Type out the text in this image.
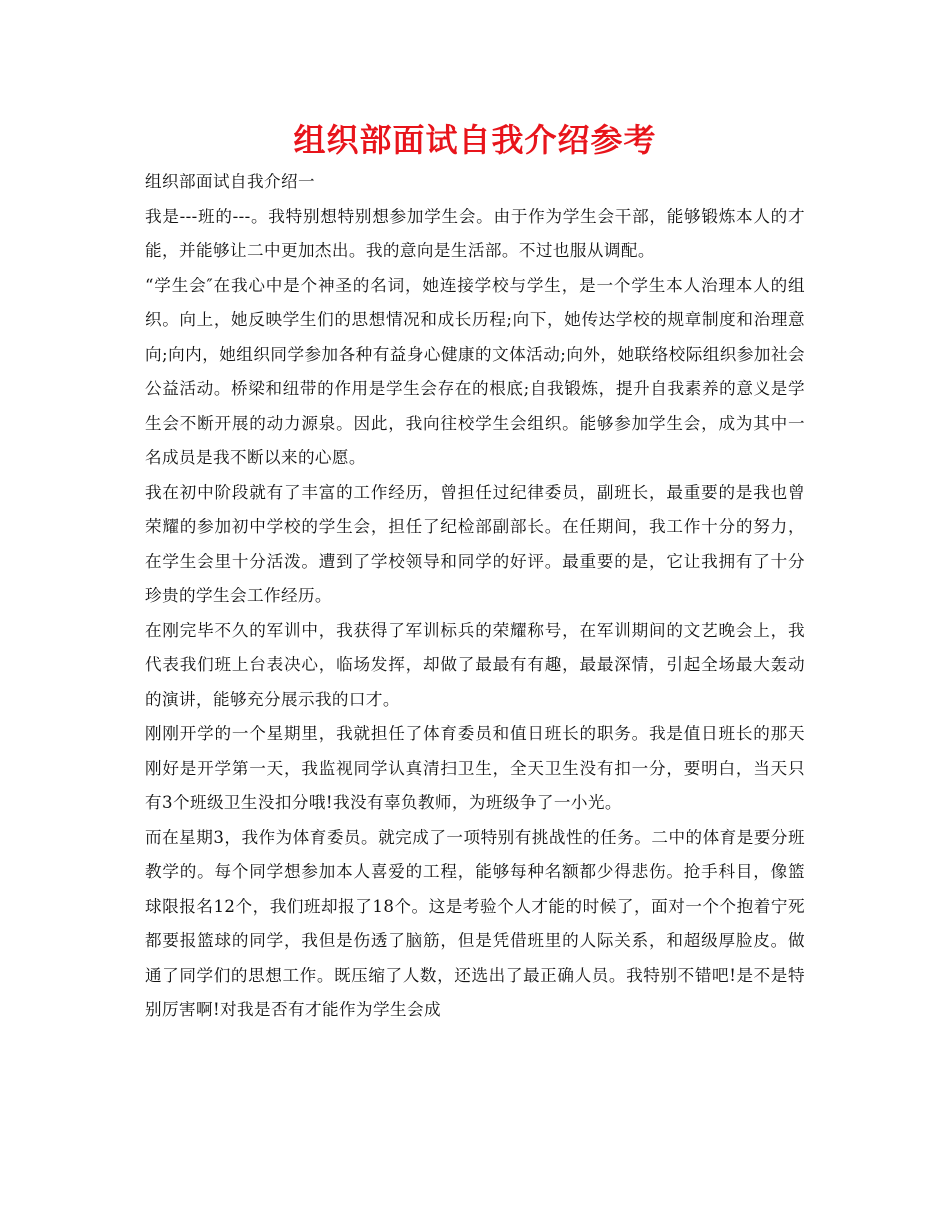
组织部面试自我介绍参考

组织部面试自我介绍一

我是---班的---。我特别想特别想参加学生会。由于作为学生会干部，能够锻炼本人的才能，并能够让二中更加杰出。我的意向是生活部。不过也服从调配。

“学生会″在我心中是个神圣的名词，她连接学校与学生，是一个学生本人治理本人的组织。向上，她反映学生们的思想情况和成长历程;向下，她传达学校的规章制度和治理意向;向内，她组织同学参加各种有益身心健康的文体活动;向外，她联络校际组织参加社会公益活动。桥梁和纽带的作用是学生会存在的根底;自我锻炼，提升自我素养的意义是学生会不断开展的动力源泉。因此，我向往校学生会组织。能够参加学生会，成为其中一名成员是我不断以来的心愿。

我在初中阶段就有了丰富的工作经历，曾担任过纪律委员，副班长，最重要的是我也曾荣耀的参加初中学校的学生会，担任了纪检部副部长。在任期间，我工作十分的努力，在学生会里十分活泼。遭到了学校领导和同学的好评。最重要的是，它让我拥有了十分珍贵的学生会工作经历。

在刚完毕不久的军训中，我获得了军训标兵的荣耀称号，在军训期间的文艺晚会上，我代表我们班上台表决心，临场发挥，却做了最最有有趣，最最深情，引起全场最大轰动的演讲，能够充分展示我的口才。

刚刚开学的一个星期里，我就担任了体育委员和值日班长的职务。我是值日班长的那天刚好是开学第一天，我监视同学认真清扫卫生，全天卫生没有扣一分，要明白，当天只有3个班级卫生没扣分哦!我没有辜负教师，为班级争了一小光。

而在星期3，我作为体育委员。就完成了一项特别有挑战性的任务。二中的体育是要分班教学的。每个同学想参加本人喜爱的工程，能够每种名额都少得悲伤。抢手科目，像篮球限报名12个，我们班却报了18个。这是考验个人才能的时候了，面对一个个抱着宁死都要报篮球的同学，我但是伤透了脑筋，但是凭借班里的人际关系，和超级厚脸皮。做通了同学们的思想工作。既压缩了人数，还选出了最正确人员。我特别不错吧!是不是特别厉害啊!对我是否有才能作为学生会成
